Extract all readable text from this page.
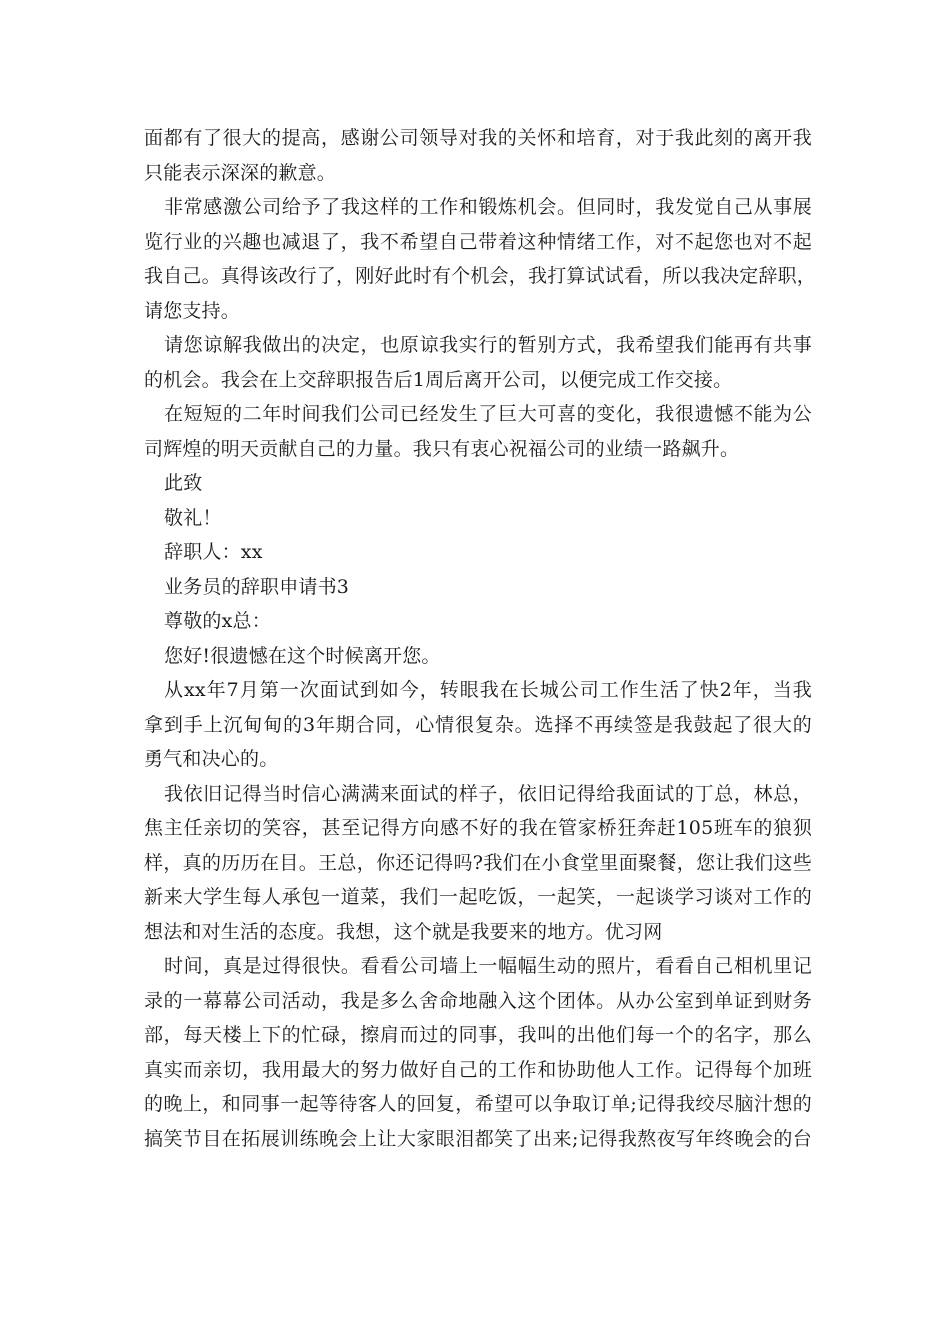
面都有了很大的提高，感谢公司领导对我的关怀和培育，对于我此刻的离开我
只能表示深深的歉意。
非常感激公司给予了我这样的工作和锻炼机会。但同时，我发觉自己从事展
览行业的兴趣也减退了，我不希望自己带着这种情绪工作，对不起您也对不起
我自己。真得该改行了，刚好此时有个机会，我打算试试看，所以我决定辞职，
请您支持。
请您谅解我做出的决定，也原谅我实行的暂别方式，我希望我们能再有共事
的机会。我会在上交辞职报告后1周后离开公司，以便完成工作交接。
在短短的二年时间我们公司已经发生了巨大可喜的变化，我很遗憾不能为公
司辉煌的明天贡献自己的力量。我只有衷心祝福公司的业绩一路飙升。
此致
敬礼！
辞职人：xx
业务员的辞职申请书3
尊敬的x总：
您好!很遗憾在这个时候离开您。
从xx年7月第一次面试到如今，转眼我在长城公司工作生活了快2年，当我
拿到手上沉甸甸的3年期合同，心情很复杂。选择不再续签是我鼓起了很大的
勇气和决心的。
我依旧记得当时信心满满来面试的样子，依旧记得给我面试的丁总，林总，
焦主任亲切的笑容，甚至记得方向感不好的我在管家桥狂奔赶105班车的狼狈
样，真的历历在目。王总，你还记得吗?我们在小食堂里面聚餐，您让我们这些
新来大学生每人承包一道菜，我们一起吃饭，一起笑，一起谈学习谈对工作的
想法和对生活的态度。我想，这个就是我要来的地方。优习网
时间，真是过得很快。看看公司墙上一幅幅生动的照片，看看自己相机里记
录的一幕幕公司活动，我是多么舍命地融入这个团体。从办公室到单证到财务
部，每天楼上下的忙碌，擦肩而过的同事，我叫的出他们每一个的名字，那么
真实而亲切，我用最大的努力做好自己的工作和协助他人工作。记得每个加班
的晚上，和同事一起等待客人的回复，希望可以争取订单;记得我绞尽脑汁想的
搞笑节目在拓展训练晚会上让大家眼泪都笑了出来;记得我熬夜写年终晚会的台
